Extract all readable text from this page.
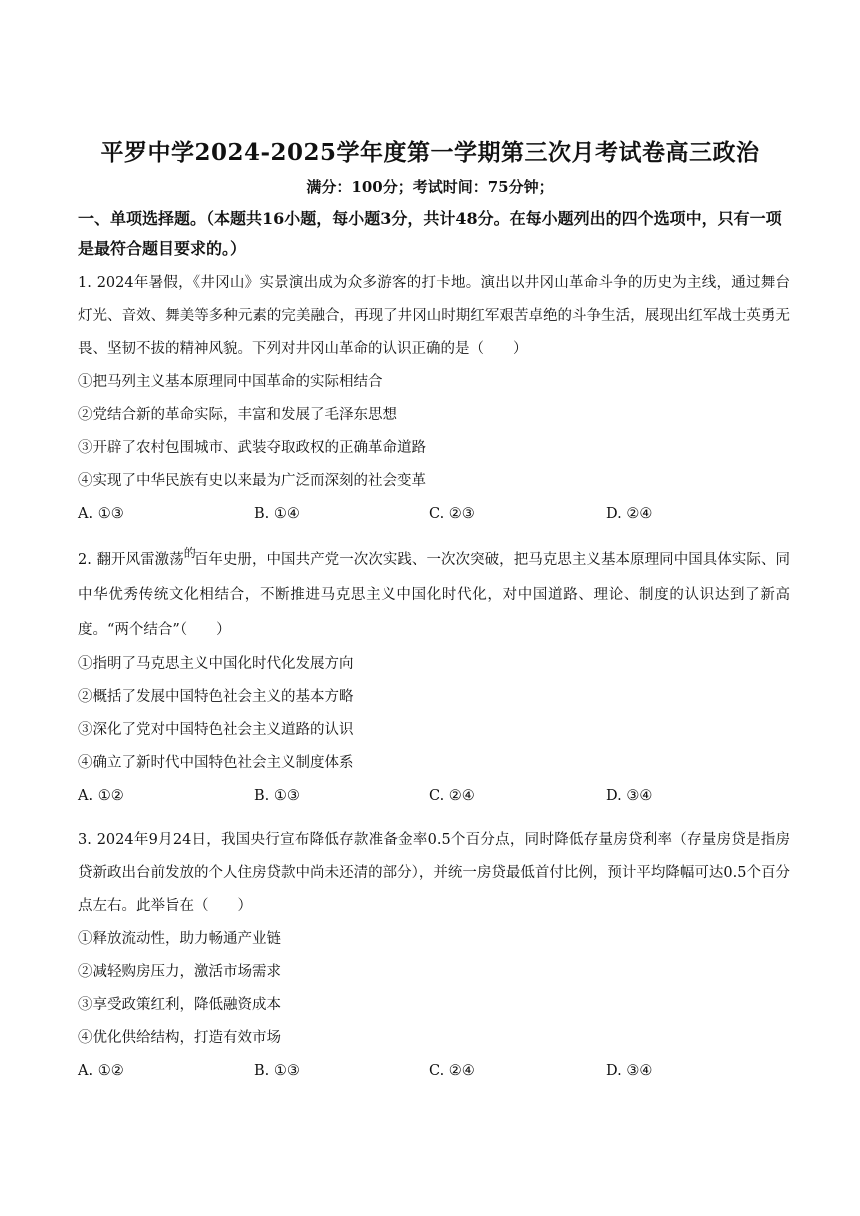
平罗中学2024-2025学年度第一学期第三次月考试卷高三政治
满分：100分；考试时间：75分钟；
一、单项选择题。（本题共16小题，每小题3分，共计48分。在每小题列出的四个选项中，只有一项是最符合题目要求的。）
1. 2024年暑假，《井冈山》实景演出成为众多游客的打卡地。演出以井冈山革命斗争的历史为主线，通过舞台灯光、音效、舞美等多种元素的完美融合，再现了井冈山时期红军艰苦卓绝的斗争生活，展现出红军战士英勇无畏、坚韧不拔的精神风貌。下列对井冈山革命的认识正确的是（　　）
①把马列主义基本原理同中国革命的实际相结合
②党结合新的革命实际，丰富和发展了毛泽东思想
③开辟了农村包围城市、武装夺取政权的正确革命道路
④实现了中华民族有史以来最为广泛而深刻的社会变革
A. ①③	B. ①④	C. ②③	D. ②④
2. 翻开风雷激荡$^的$百年史册，中国共产党一次次实践、一次次突破，把马克思主义基本原理同中国具体实际、同中华优秀传统文化相结合，不断推进马克思主义中国化时代化，对中国道路、理论、制度的认识达到了新高度。“两个结合”（　　）
①指明了马克思主义中国化时代化发展方向
②概括了发展中国特色社会主义的基本方略
③深化了党对中国特色社会主义道路的认识
④确立了新时代中国特色社会主义制度体系
A. ①②	B. ①③	C. ②④	D. ③④
3. 2024年9月24日，我国央行宣布降低存款准备金率0.5个百分点，同时降低存量房贷利率（存量房贷是指房贷新政出台前发放的个人住房贷款中尚未还清的部分），并统一房贷最低首付比例，预计平均降幅可达0.5个百分点左右。此举旨在（　　）
①释放流动性，助力畅通产业链
②减轻购房压力，激活市场需求
③享受政策红利，降低融资成本
④优化供给结构，打造有效市场
A. ①②	B. ①③	C. ②④	D. ③④
